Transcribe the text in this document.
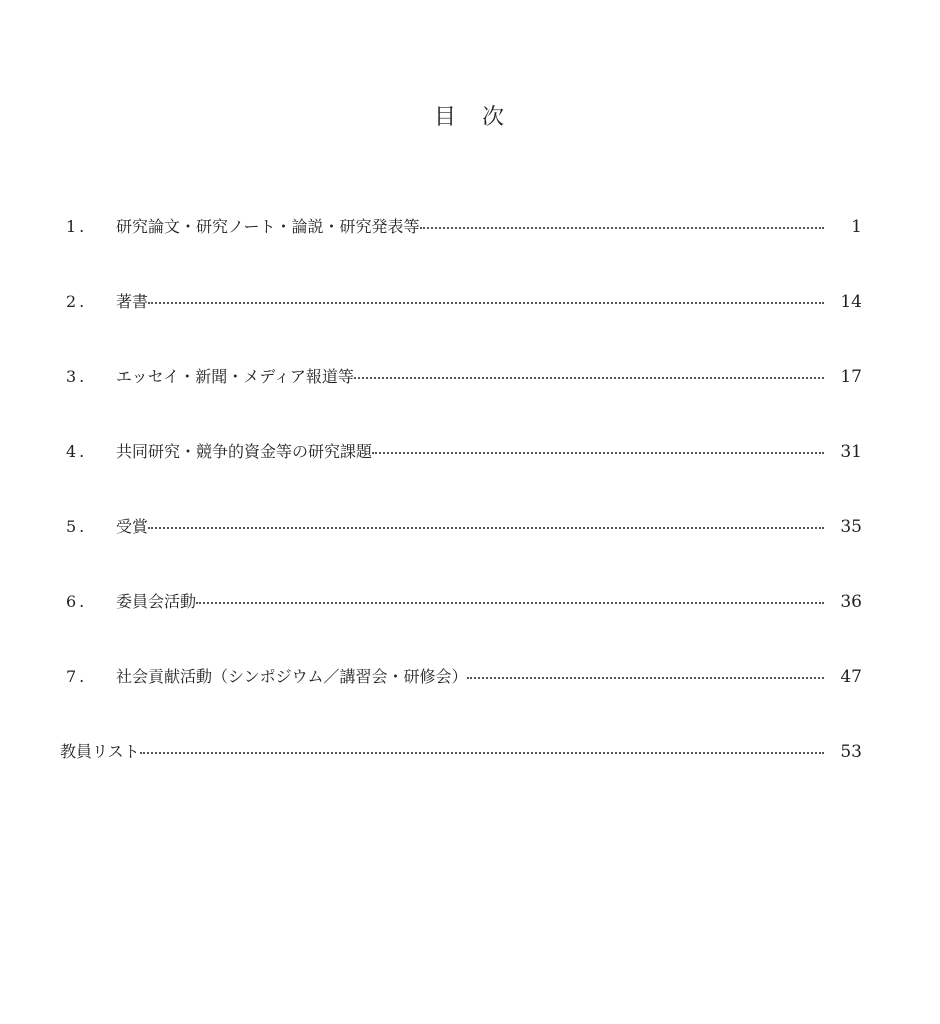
目　次
1.	研究論文・研究ノート・論説・研究発表等	1
2.	著書	14
3.	エッセイ・新聞・メディア報道等	17
4.	共同研究・競争的資金等の研究課題	31
5.	受賞	35
6.	委員会活動	36
7.	社会貢献活動（シンポジウム／講習会・研修会）	47
教員リスト	53
